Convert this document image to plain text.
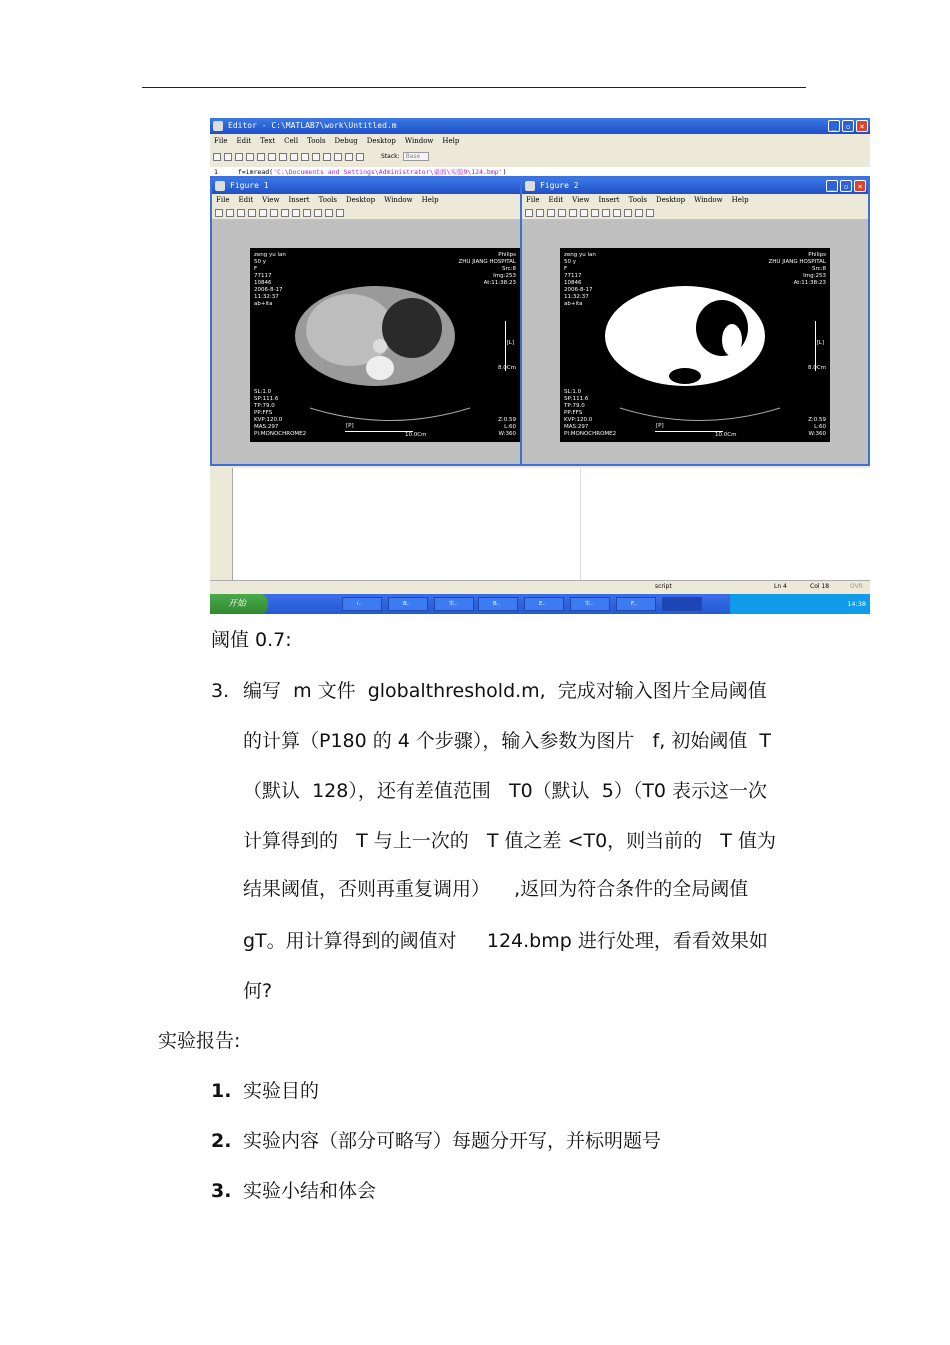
Editor - C:\MATLAB7\work\Untitled.m	_	▫	×
File Edit Text Cell Tools Debug Desktop Window Help
Stack:	Base
1	f=imread('C:\Documents and Settings\Administrator\桌面\实验9\124.bmp')
Figure 1
File Edit View Insert Tools Desktop Window Help
zeng yu lan
50 y
F
77117
10846
2006-8-17
11:32:37
ab+ita
Philips
ZHU JIANG HOSPITAL
Src:8
Img:253
At:11:38:23
[L]
8.0Cm
SL:1.0
SP:111.6
TP:79.0
PP:FFS
KVP:120.0
MAS:297
PI:MONOCHROME2
Z:0.59
L:60
W:360
[P]
10.0Cm
Figure 2	_	▫	×
File Edit View Insert Tools Desktop Window Help
zeng yu lan
50 y
F
77117
10846
2006-8-17
11:32:37
ab+ita
Philips
ZHU JIANG HOSPITAL
Src:8
Img:253
At:11:38:23
[L]
8.0Cm
SL:1.0
SP:111.6
TP:79.0
PP:FFS
KVP:120.0
MAS:297
PI:MONOCHROME2
Z:0.59
L:60
W:360
[P]
10.0Cm
script	Ln 4	Col 18	OVR
开始	i..	B..	实..	B..	E..	实..	F..	14:38
阈值 0.7:
3. 编写  m 文件  globalthreshold.m,  完成对输入图片全局阈值
的计算（P180 的 4 个步骤），输入参数为图片   f, 初始阈值  T
（默认  128），还有差值范围   T0（默认  5）（T0 表示这一次
计算得到的   T 与上一次的   T 值之差 <T0，则当前的   T 值为
结果阈值，否则再重复调用）    ,返回为符合条件的全局阈值
gT。用计算得到的阈值对     124.bmp 进行处理，看看效果如
何?
实验报告:
1. 实验目的
2. 实验内容（部分可略写）每题分开写，并标明题号
3. 实验小结和体会
